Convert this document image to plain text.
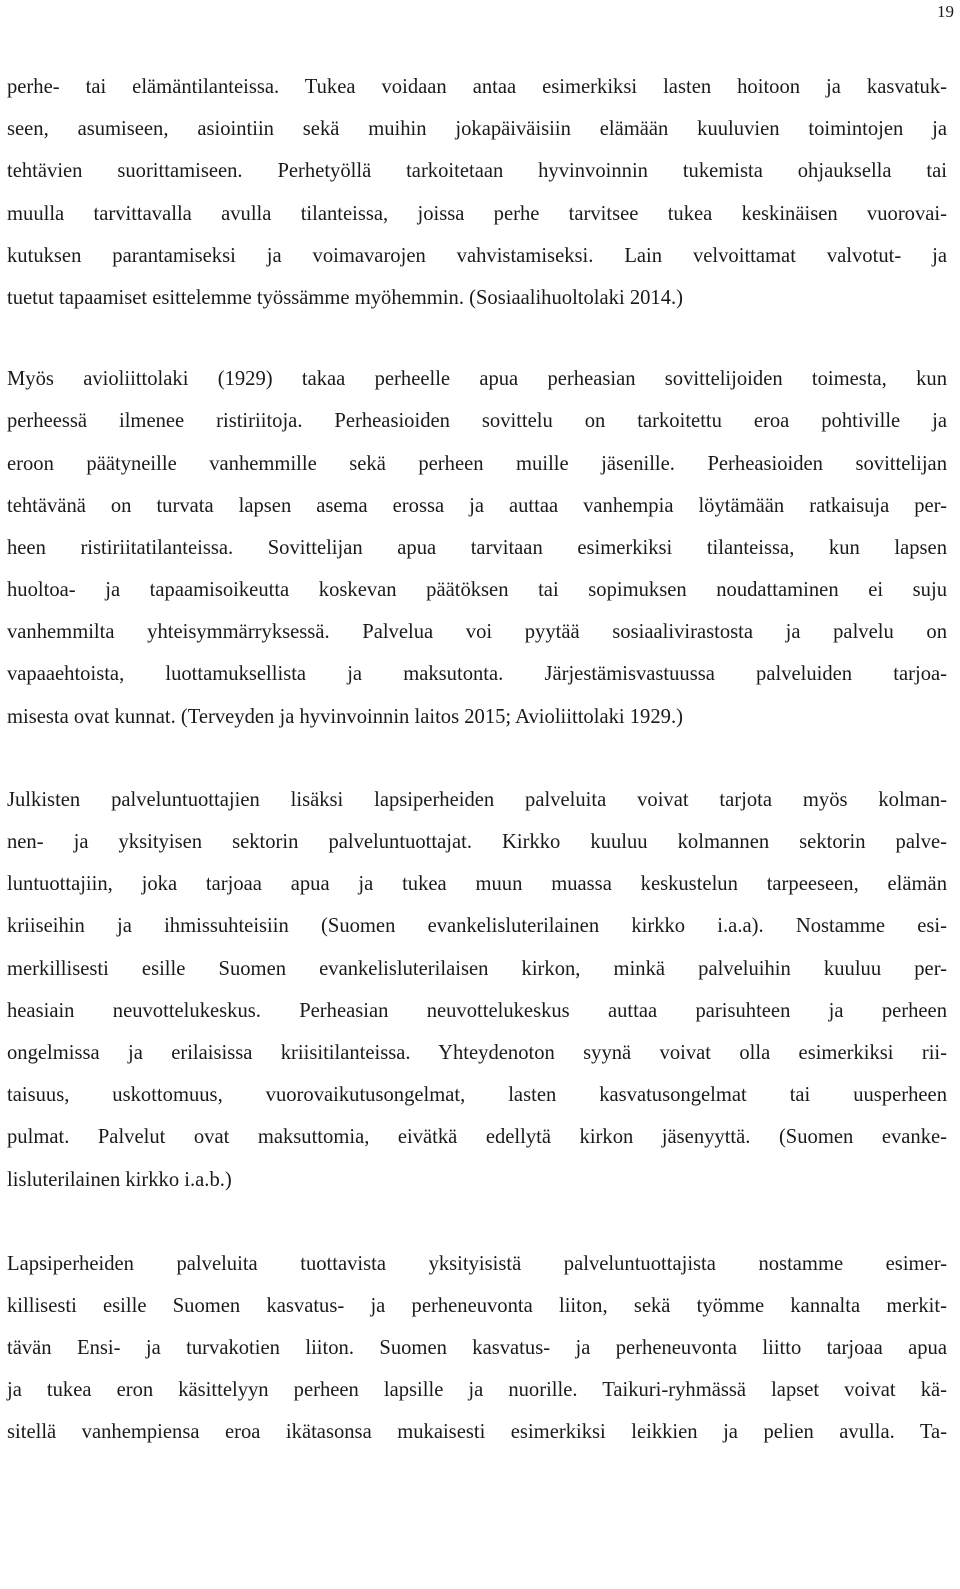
19
perhe- tai elämäntilanteissa. Tukea voidaan antaa esimerkiksi lasten hoitoon ja kasvatuk-
seen, asumiseen, asiointiin sekä muihin jokapäiväisiin elämään kuuluvien toimintojen ja
tehtävien suorittamiseen. Perhetyöllä tarkoitetaan hyvinvoinnin tukemista ohjauksella tai
muulla tarvittavalla avulla tilanteissa, joissa perhe tarvitsee tukea keskinäisen vuorovai-
kutuksen parantamiseksi ja voimavarojen vahvistamiseksi. Lain velvoittamat valvotut- ja
tuetut tapaamiset esittelemme työssämme myöhemmin. (Sosiaalihuoltolaki 2014.)
Myös avioliittolaki (1929) takaa perheelle apua perheasian sovittelijoiden toimesta, kun
perheessä ilmenee ristiriitoja. Perheasioiden sovittelu on tarkoitettu eroa pohtiville ja
eroon päätyneille vanhemmille sekä perheen muille jäsenille. Perheasioiden sovittelijan
tehtävänä on turvata lapsen asema erossa ja auttaa vanhempia löytämään ratkaisuja per-
heen ristiriitatilanteissa. Sovittelijan apua tarvitaan esimerkiksi tilanteissa, kun lapsen
huoltoa- ja tapaamisoikeutta koskevan päätöksen tai sopimuksen noudattaminen ei suju
vanhemmilta yhteisymmärryksessä. Palvelua voi pyytää sosiaalivirastosta ja palvelu on
vapaaehtoista, luottamuksellista ja maksutonta. Järjestämisvastuussa palveluiden tarjoa-
misesta ovat kunnat. (Terveyden ja hyvinvoinnin laitos 2015; Avioliittolaki 1929.)
Julkisten palveluntuottajien lisäksi lapsiperheiden palveluita voivat tarjota myös kolman-
nen- ja yksityisen sektorin palveluntuottajat. Kirkko kuuluu kolmannen sektorin palve-
luntuottajiin, joka tarjoaa apua ja tukea muun muassa keskustelun tarpeeseen, elämän
kriiseihin ja ihmissuhteisiin (Suomen evankelisluterilainen kirkko i.a.a). Nostamme esi-
merkillisesti esille Suomen evankelisluterilaisen kirkon, minkä palveluihin kuuluu per-
heasiain neuvottelukeskus. Perheasian neuvottelukeskus auttaa parisuhteen ja perheen
ongelmissa ja erilaisissa kriisitilanteissa. Yhteydenoton syynä voivat olla esimerkiksi rii-
taisuus, uskottomuus, vuorovaikutusongelmat, lasten kasvatusongelmat tai uusperheen
pulmat. Palvelut ovat maksuttomia, eivätkä edellytä kirkon jäsenyyttä. (Suomen evanke-
lisluterilainen kirkko i.a.b.)
Lapsiperheiden palveluita tuottavista yksityisistä palveluntuottajista nostamme esimer-
killisesti esille Suomen kasvatus- ja perheneuvonta liiton, sekä työmme kannalta merkit-
tävän Ensi- ja turvakotien liiton. Suomen kasvatus- ja perheneuvonta liitto tarjoaa apua
ja tukea eron käsittelyyn perheen lapsille ja nuorille. Taikuri-ryhmässä lapset voivat kä-
sitellä vanhempiensa eroa ikätasonsa mukaisesti esimerkiksi leikkien ja pelien avulla. Ta-
